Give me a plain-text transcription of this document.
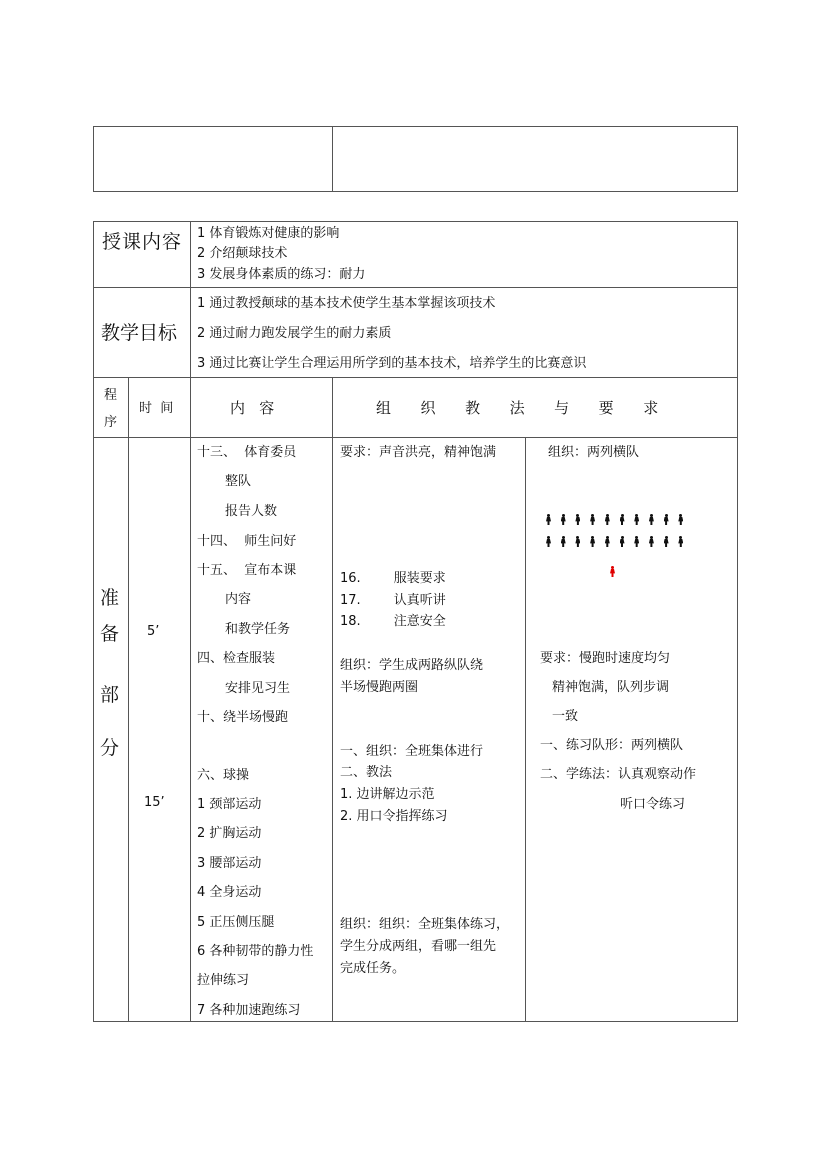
授课内容 1 体育锻炼对健康的影响
2 介绍颠球技术
3 发展身体素质的练习：耐力
教学目标
1 通过教授颠球的基本技术使学生基本掌握该项技术
2 通过耐力跑发展学生的耐力素质
3 通过比赛让学生合理运用所学到的基本技术，培养学生的比赛意识
程
序
时  间	内   容	组  织  教  法  与  要  求
准
备
部
分
5’
15’
十三、  体育委员
整队
报告人数
十四、  师生问好
十五、  宣布本课
内容
和教学任务
四、检查服装
安排见习生
十、绕半场慢跑
六、球操
1 颈部运动
2 扩胸运动
3 腰部运动
4 全身运动
5 正压侧压腿
6 各种韧带的静力性
拉伸练习
7 各种加速跑练习
要求：声音洪亮，精神饱满
16.        服装要求
17.        认真听讲
18.        注意安全
组织：学生成两路纵队绕
半场慢跑两圈
一、组织：全班集体进行
二、教法
1. 边讲解边示范
2. 用口令指挥练习
组织：组织：全班集体练习，
学生分成两组，看哪一组先
完成任务。
组织：两列横队
要求：慢跑时速度均匀
精神饱满，队列步调
一致
一、练习队形：两列横队
二、学练法：认真观察动作
听口令练习
